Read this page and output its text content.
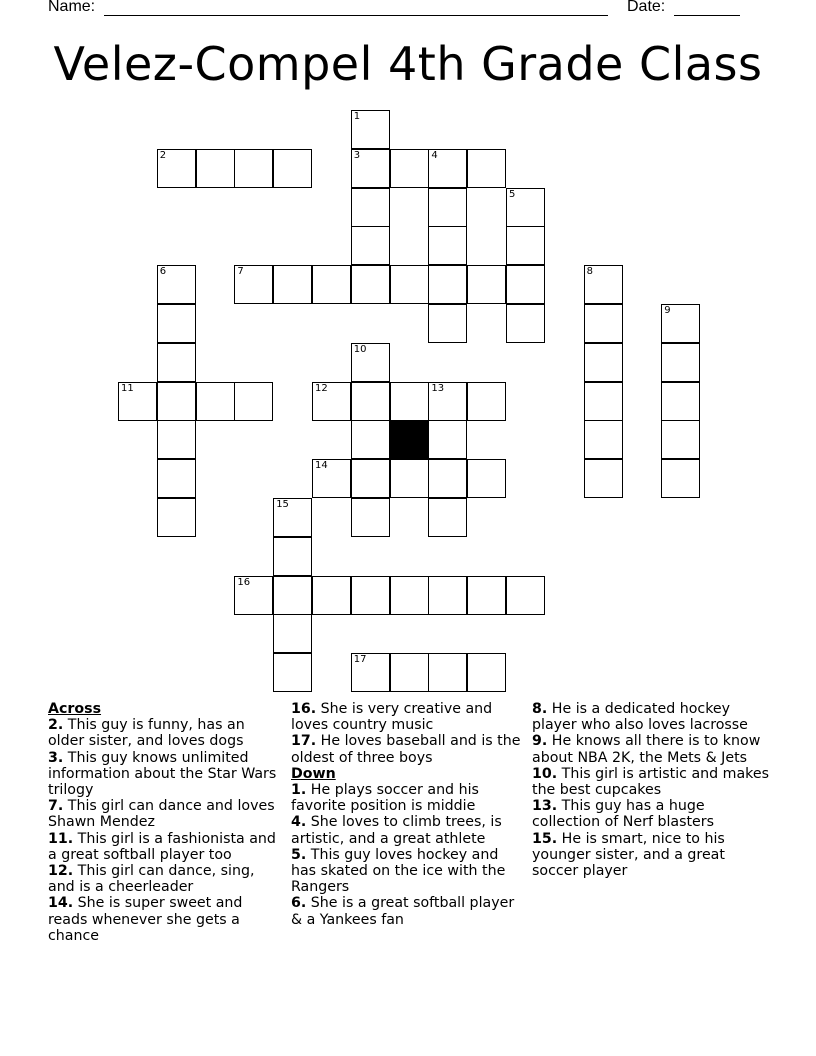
Name:	Date:
Velez-Compel 4th Grade Class
1
2	3	4
5
6	7	8
9
10
11	12	13
14
15
16
17
Across
2. This guy is funny, has an older sister, and loves dogs
3. This guy knows unlimited information about the Star Wars trilogy
7. This girl can dance and loves Shawn Mendez
11. This girl is a fashionista and a great softball player too
12. This girl can dance, sing, and is a cheerleader
14. She is super sweet and reads whenever she gets a chance
16. She is very creative and loves country music
17. He loves baseball and is the oldest of three boys
Down
1. He plays soccer and his favorite position is middie
4. She loves to climb trees, is artistic, and a great athlete
5. This guy loves hockey and has skated on the ice with the Rangers
6. She is a great softball player & a Yankees fan
8. He is a dedicated hockey player who also loves lacrosse
9. He knows all there is to know about NBA 2K, the Mets & Jets
10. This girl is artistic and makes the best cupcakes
13. This guy has a huge collection of Nerf blasters
15. He is smart, nice to his younger sister, and a great soccer player
